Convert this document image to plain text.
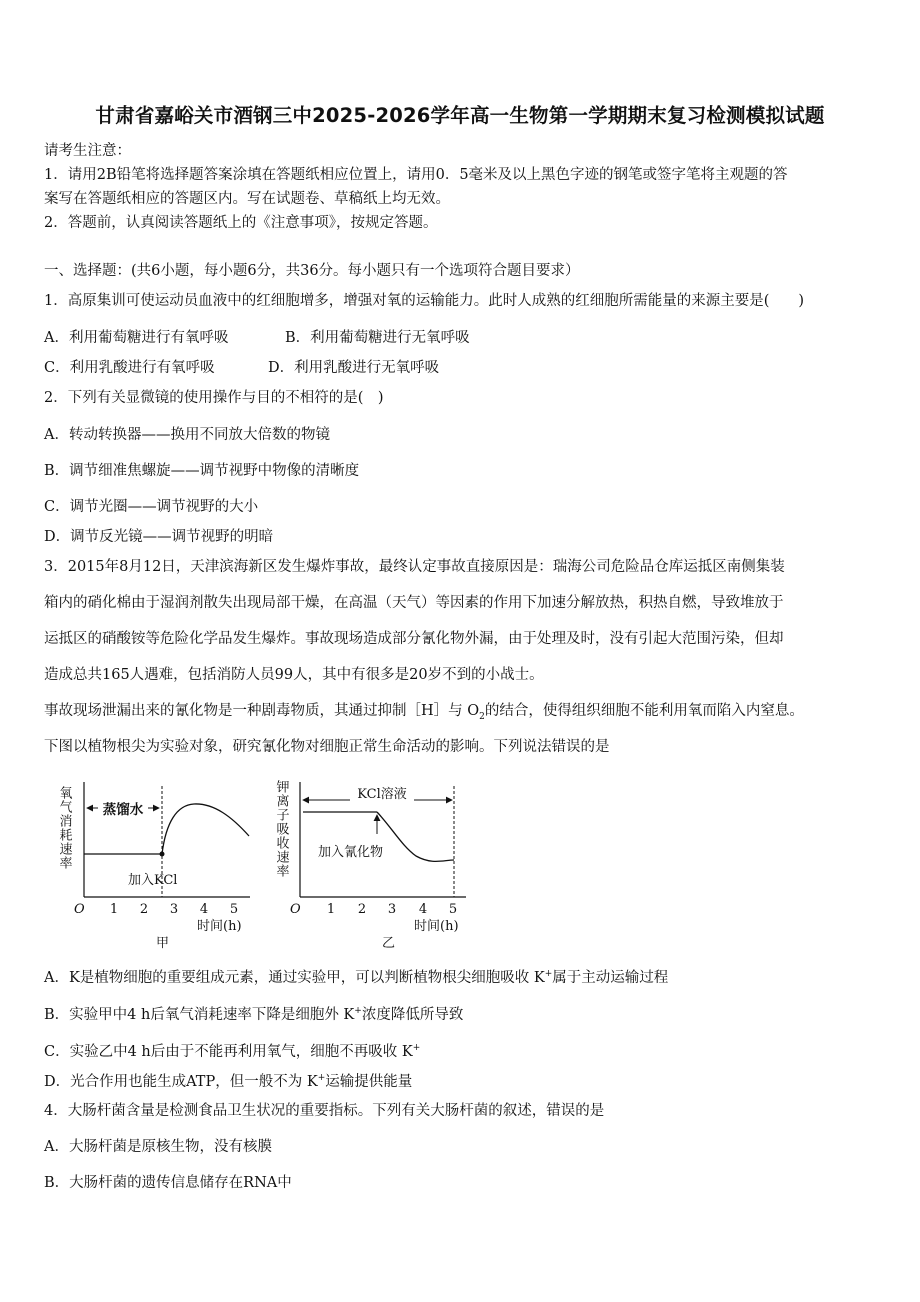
甘肃省嘉峪关市酒钢三中2025-2026学年高一生物第一学期期末复习检测模拟试题
请考生注意：
1．请用2B铅笔将选择题答案涂填在答题纸相应位置上，请用0．5毫米及以上黑色字迹的钢笔或签字笔将主观题的答
案写在答题纸相应的答题区内。写在试题卷、草稿纸上均无效。
2．答题前，认真阅读答题纸上的《注意事项》，按规定答题。
一、选择题：(共6小题，每小题6分，共36分。每小题只有一个选项符合题目要求）
1．高原集训可使运动员血液中的红细胞增多，增强对氧的运输能力。此时人成熟的红细胞所需能量的来源主要是(　　)
A．利用葡萄糖进行有氧呼吸	B．利用葡萄糖进行无氧呼吸
C．利用乳酸进行有氧呼吸	D．利用乳酸进行无氧呼吸
2．下列有关显微镜的使用操作与目的不相符的是(　)
A．转动转换器——换用不同放大倍数的物镜
B．调节细准焦螺旋——调节视野中物像的清晰度
C．调节光圈——调节视野的大小
D．调节反光镜——调节视野的明暗
3．2015年8月12日，天津滨海新区发生爆炸事故，最终认定事故直接原因是：瑞海公司危险品仓库运抵区南侧集装
箱内的硝化棉由于湿润剂散失出现局部干燥，在高温（天气）等因素的作用下加速分解放热，积热自燃，导致堆放于
运抵区的硝酸铵等危险化学品发生爆炸。事故现场造成部分氰化物外漏，由于处理及时，没有引起大范围污染，但却
造成总共165人遇难，包括消防人员99人，其中有很多是20岁不到的小战士。
事故现场泄漏出来的氰化物是一种剧毒物质，其通过抑制［H］与 $O_2$的结合，使得组织细胞不能利用氧而陷入内窒息。
下图以植物根尖为实验对象，研究氰化物对细胞正常生命活动的影响。下列说法错误的是
氧气消耗速率 蒸馏水
加入KCl
O 1 2 3 4 5
时间(h)
甲
钾离子吸收速率	KCl溶液
加入氰化物
O 1 2 3 4 5
时间(h)
乙
A．K是植物细胞的重要组成元素，通过实验甲，可以判断植物根尖细胞吸收 K+属于主动运输过程
B．实验甲中4 h后氧气消耗速率下降是细胞外 K+浓度降低所导致
C．实验乙中4 h后由于不能再利用氧气，细胞不再吸收 K+
D．光合作用也能生成ATP，但一般不为 K+运输提供能量
4．大肠杆菌含量是检测食品卫生状况的重要指标。下列有关大肠杆菌的叙述，错误的是
A．大肠杆菌是原核生物，没有核膜
B．大肠杆菌的遗传信息储存在RNA中
